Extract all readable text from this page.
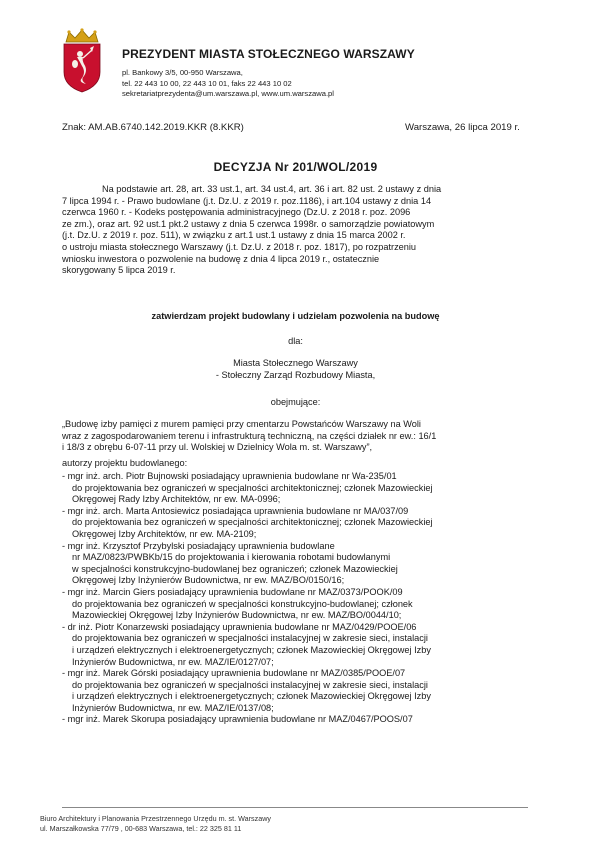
PREZYDENT MIASTA STOŁECZNEGO WARSZAWY
pl. Bankowy 3/5, 00-950 Warszawa,
tel. 22 443 10 00, 22 443 10 01, faks 22 443 10 02
sekretariatprezydenta@um.warszawa.pl, www.um.warszawa.pl
Znak: AM.AB.6740.142.2019.KKR (8.KKR)	Warszawa, 26 lipca 2019 r.
DECYZJA Nr 201/WOL/2019
Na podstawie art. 28, art. 33 ust.1, art. 34 ust.4, art. 36 i art. 82 ust. 2 ustawy z dnia
7 lipca 1994 r. - Prawo budowlane (j.t. Dz.U. z 2019 r. poz.1186), i art.104 ustawy z dnia 14
czerwca 1960 r. - Kodeks postępowania administracyjnego (Dz.U. z 2018 r. poz. 2096
ze zm.), oraz art. 92 ust.1 pkt.2 ustawy z dnia 5 czerwca 1998r. o samorządzie powiatowym
(j.t. Dz.U. z 2019 r. poz. 511), w związku z art.1 ust.1 ustawy z dnia 15 marca 2002 r.
o ustroju miasta stołecznego Warszawy (j.t. Dz.U. z 2018 r. poz. 1817), po rozpatrzeniu
wniosku inwestora o pozwolenie na budowę z dnia 4 lipca 2019 r., ostatecznie
skorygowany 5 lipca 2019 r.
zatwierdzam projekt budowlany i udzielam pozwolenia na budowę
dla:
Miasta Stołecznego Warszawy
- Stołeczny Zarząd Rozbudowy Miasta,
obejmujące:
„Budowę izby pamięci z murem pamięci przy cmentarzu Powstańców Warszawy na Woli
wraz z zagospodarowaniem terenu i infrastrukturą techniczną, na części działek nr ew.: 16/1
i 18/3 z obrębu 6-07-11 przy ul. Wolskiej w Dzielnicy Wola m. st. Warszawy”,
autorzy projektu budowlanego:
- mgr inż. arch. Piotr Bujnowski posiadający uprawnienia budowlane nr Wa-235/01
do projektowania bez ograniczeń w specjalności architektonicznej; członek Mazowieckiej
Okręgowej Rady Izby Architektów, nr ew. MA-0996;
- mgr inż. arch. Marta Antosiewicz posiadająca uprawnienia budowlane nr MA/037/09
do projektowania bez ograniczeń w specjalności architektonicznej; członek Mazowieckiej
Okręgowej Izby Architektów, nr ew. MA-2109;
- mgr inż. Krzysztof Przybylski posiadający uprawnienia budowlane
nr MAZ/0823/PWBKb/15 do projektowania i kierowania robotami budowlanymi
w specjalności konstrukcyjno-budowlanej bez ograniczeń; członek Mazowieckiej
Okręgowej Izby Inżynierów Budownictwa, nr ew. MAZ/BO/0150/16;
- mgr inż. Marcin Giers posiadający uprawnienia budowlane nr MAZ/0373/POOK/09
do projektowania bez ograniczeń w specjalności konstrukcyjno-budowlanej; członek
Mazowieckiej Okręgowej Izby Inżynierów Budownictwa, nr ew. MAZ/BO/0044/10;
- dr inż. Piotr Konarzewski posiadający uprawnienia budowlane nr MAZ/0429/POOE/06
do projektowania bez ograniczeń w specjalności instalacyjnej w zakresie sieci, instalacji
i urządzeń elektrycznych i elektroenergetycznych; członek Mazowieckiej Okręgowej Izby
Inżynierów Budownictwa, nr ew. MAZ/IE/0127/07;
- mgr inż. Marek Górski posiadający uprawnienia budowlane nr MAZ/0385/POOE/07
do projektowania bez ograniczeń w specjalności instalacyjnej w zakresie sieci, instalacji
i urządzeń elektrycznych i elektroenergetycznych; członek Mazowieckiej Okręgowej Izby
Inżynierów Budownictwa, nr ew. MAZ/IE/0137/08;
- mgr inż. Marek Skorupa posiadający uprawnienia budowlane nr MAZ/0467/POOS/07
Biuro Architektury i Planowania Przestrzennego Urzędu m. st. Warszawy
ul. Marszałkowska 77/79 , 00-683 Warszawa, tel.: 22 325 81 11
